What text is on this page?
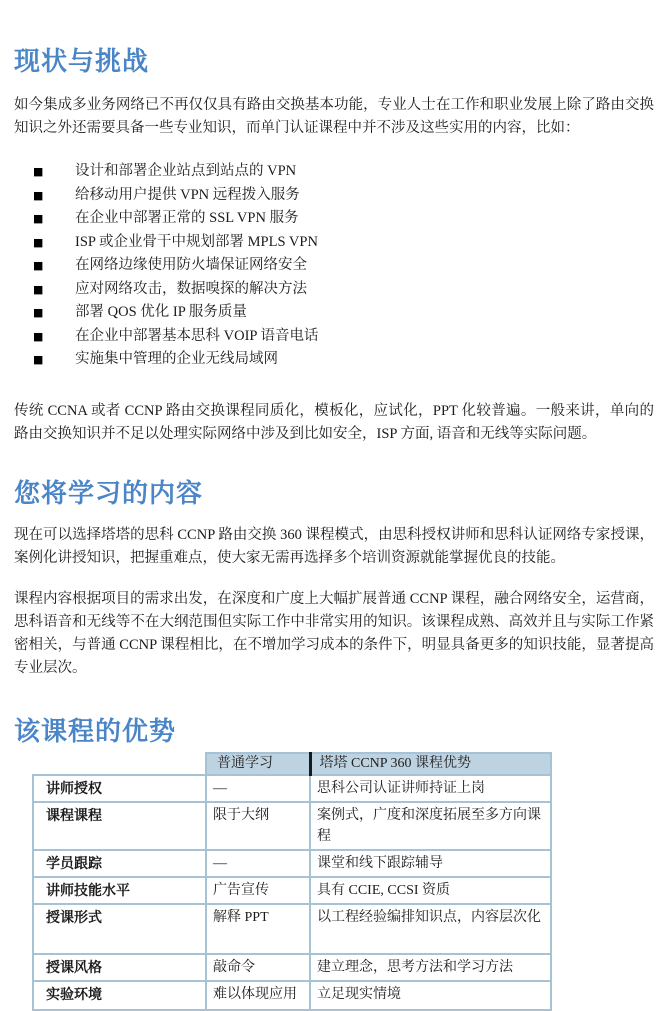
现状与挑战

如今集成多业务网络已不再仅仅具有路由交换基本功能，专业人士在工作和职业发展上除了路由交换知识之外还需要具备一些专业知识，而单门认证课程中并不涉及这些实用的内容，比如：

■	设计和部署企业站点到站点的 VPN
■	给移动用户提供 VPN 远程拨入服务
■	在企业中部署正常的 SSL VPN 服务
■	ISP 或企业骨干中规划部署 MPLS VPN
■	在网络边缘使用防火墙保证网络安全
■	应对网络攻击，数据嗅探的解决方法
■	部署 QOS 优化 IP 服务质量
■	在企业中部署基本思科 VOIP 语音电话
■	实施集中管理的企业无线局域网

传统 CCNA 或者 CCNP 路由交换课程同质化，模板化，应试化，PPT 化较普遍。一般来讲，单向的路由交换知识并不足以处理实际网络中涉及到比如安全，ISP 方面, 语音和无线等实际问题。

您将学习的内容

现在可以选择塔塔的思科 CCNP 路由交换 360 课程模式，由思科授权讲师和思科认证网络专家授课，案例化讲授知识，把握重难点，使大家无需再选择多个培训资源就能掌握优良的技能。

课程内容根据项目的需求出发，在深度和广度上大幅扩展普通 CCNP 课程，融合网络安全，运营商，思科语音和无线等不在大纲范围但实际工作中非常实用的知识。该课程成熟、高效并且与实际工作紧密相关，与普通 CCNP 课程相比，在不增加学习成本的条件下，明显具备更多的知识技能，显著提高专业层次。

该课程的优势
	普通学习	塔塔 CCNP 360 课程优势
讲师授权	—	思科公司认证讲师持证上岗
课程课程	限于大纲	案例式，广度和深度拓展至多方向课程
学员跟踪	—	课堂和线下跟踪辅导
讲师技能水平	广告宣传	具有 CCIE, CCSI 资质
授课形式	解释 PPT	以工程经验编排知识点，内容层次化
授课风格	敲命令	建立理念，思考方法和学习方法
实验环境	难以体现应用	立足现实情境
